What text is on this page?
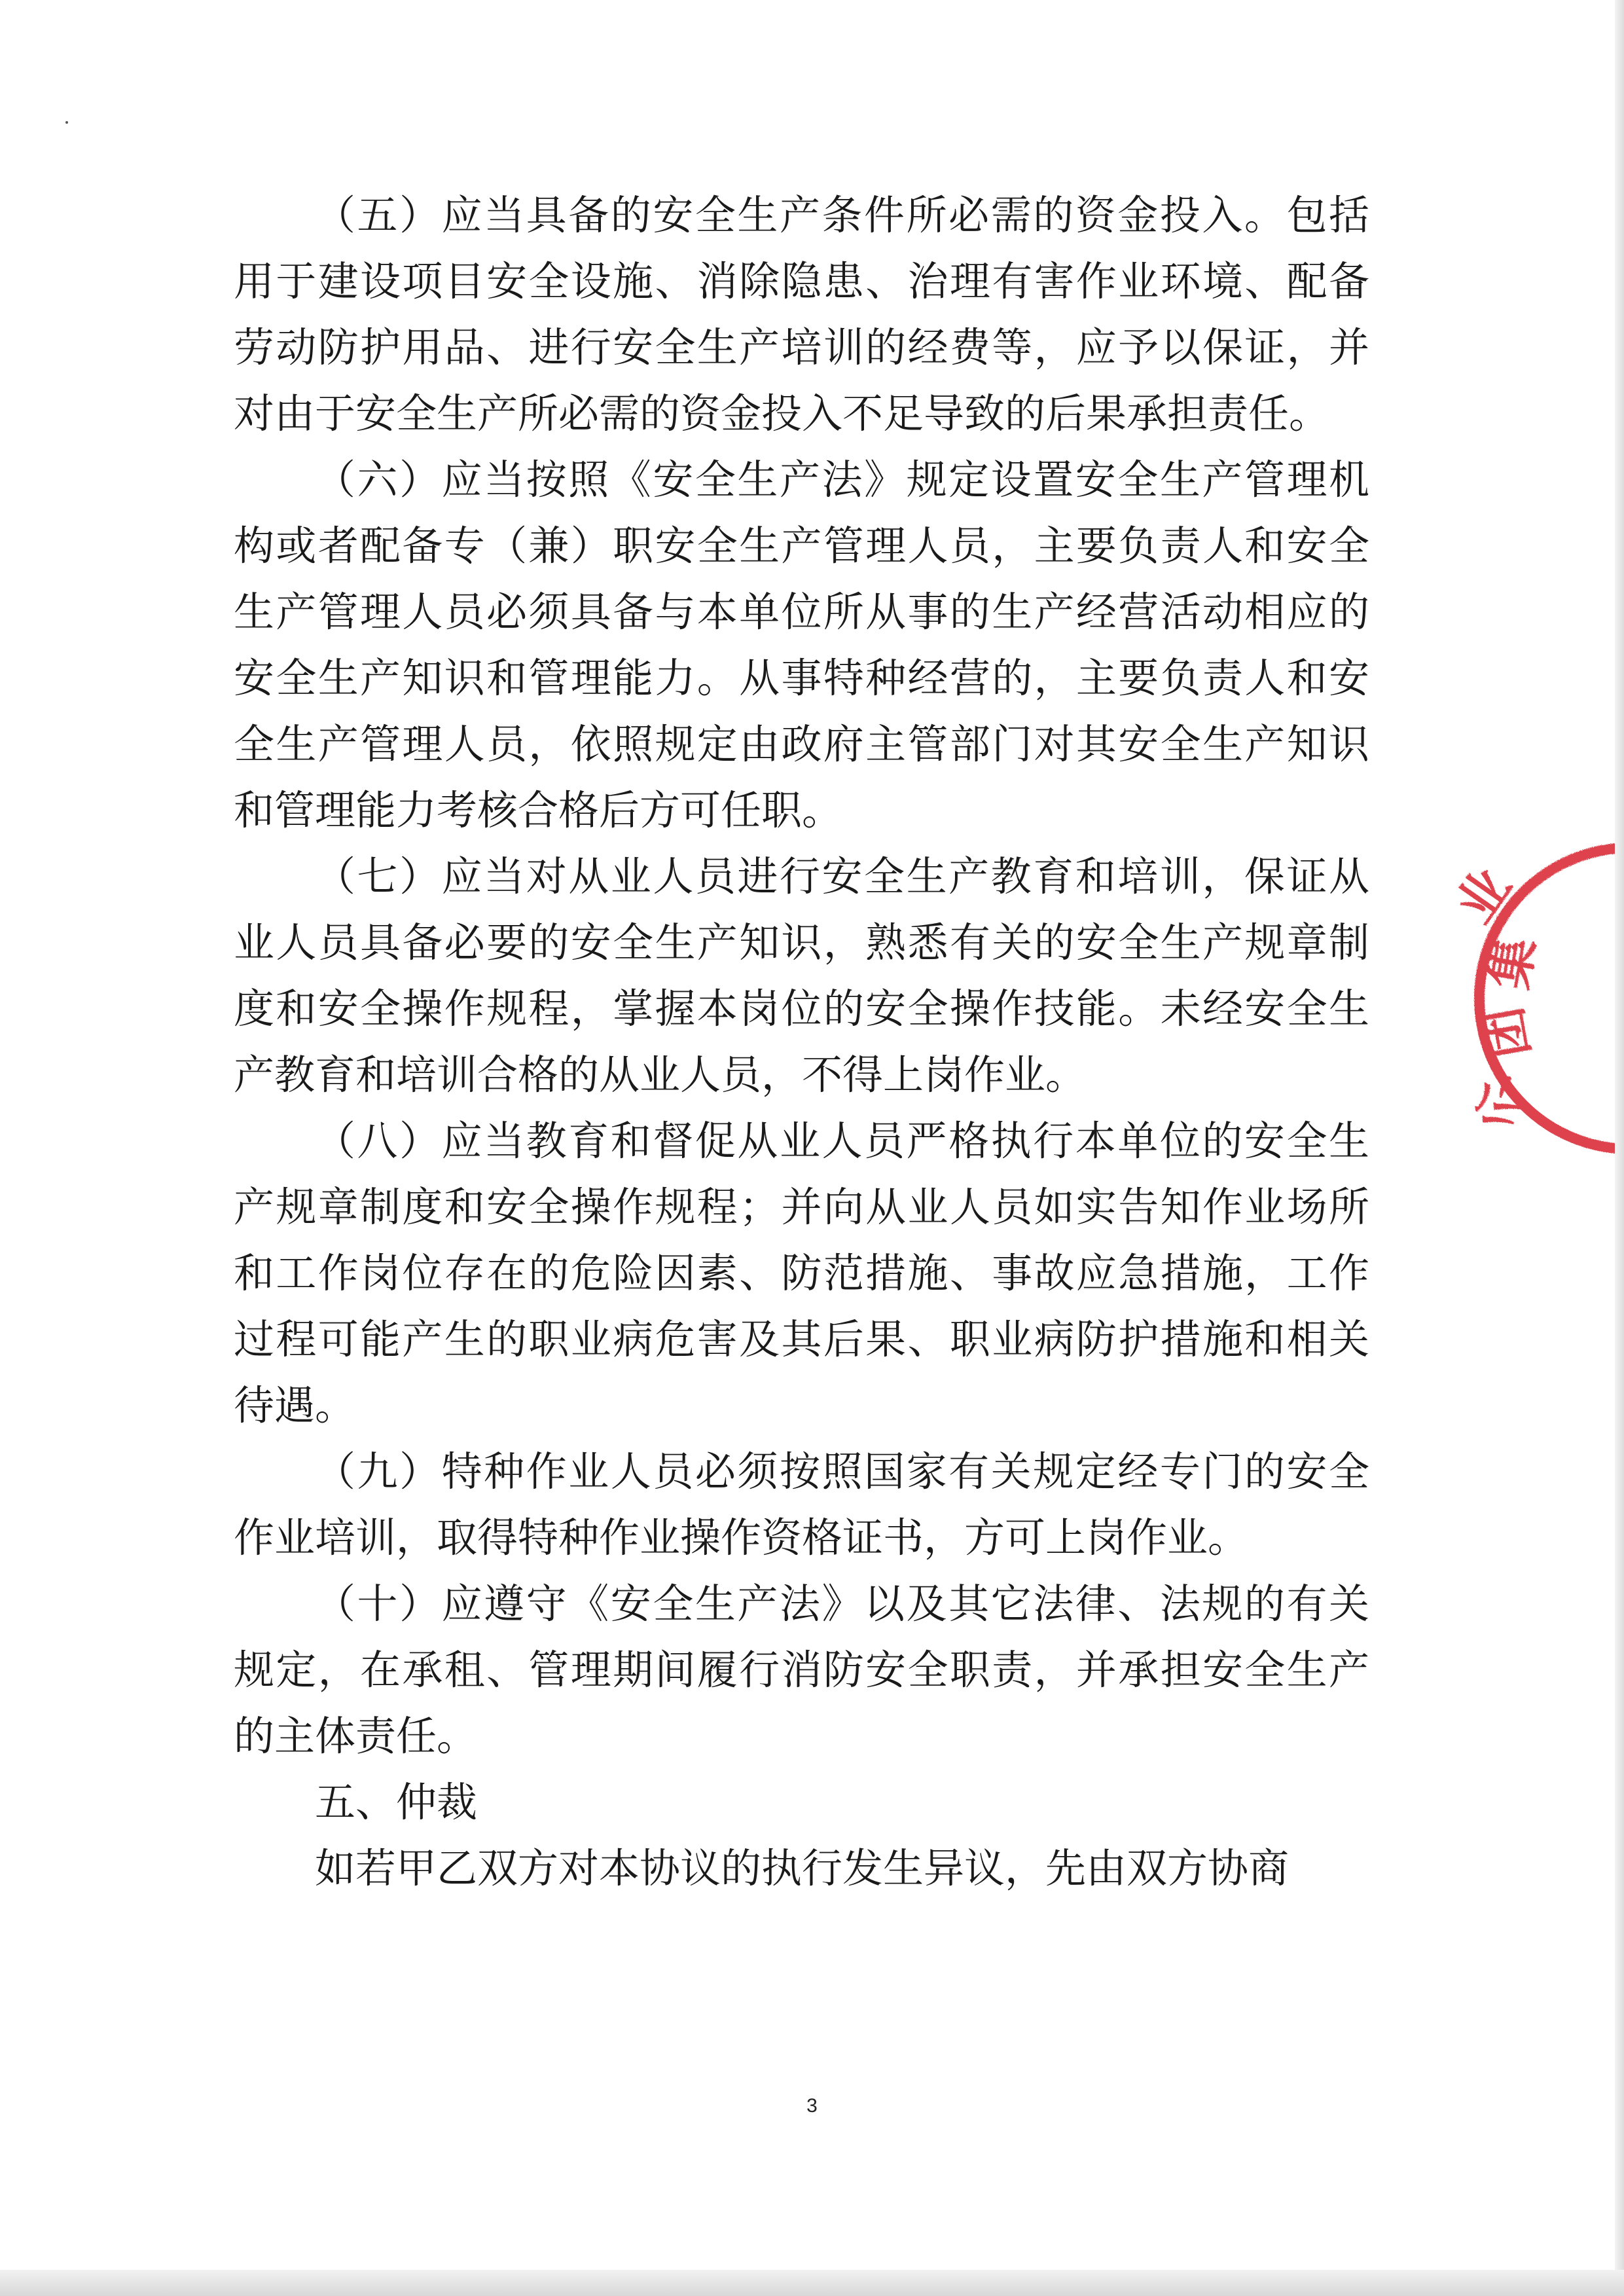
（五）应当具备的安全生产条件所必需的资金投入。包括用于建设项目安全设施、消除隐患、治理有害作业环境、配备劳动防护用品、进行安全生产培训的经费等，应予以保证，并对由于安全生产所必需的资金投入不足导致的后果承担责任。

（六）应当按照《安全生产法》规定设置安全生产管理机构或者配备专（兼）职安全生产管理人员，主要负责人和安全生产管理人员必须具备与本单位所从事的生产经营活动相应的安全生产知识和管理能力。从事特种经营的，主要负责人和安全生产管理人员，依照规定由政府主管部门对其安全生产知识和管理能力考核合格后方可任职。

（七）应当对从业人员进行安全生产教育和培训，保证从业人员具备必要的安全生产知识，熟悉有关的安全生产规章制度和安全操作规程，掌握本岗位的安全操作技能。未经安全生产教育和培训合格的从业人员，不得上岗作业。

（八）应当教育和督促从业人员严格执行本单位的安全生产规章制度和安全操作规程；并向从业人员如实告知作业场所和工作岗位存在的危险因素、防范措施、事故应急措施，工作过程可能产生的职业病危害及其后果、职业病防护措施和相关待遇。

（九）特种作业人员必须按照国家有关规定经专门的安全作业培训，取得特种作业操作资格证书，方可上岗作业。

（十）应遵守《安全生产法》以及其它法律、法规的有关规定，在承租、管理期间履行消防安全职责，并承担安全生产的主体责任。

五、仲裁

如若甲乙双方对本协议的执行发生异议，先由双方协商

业
集
团
公
3
